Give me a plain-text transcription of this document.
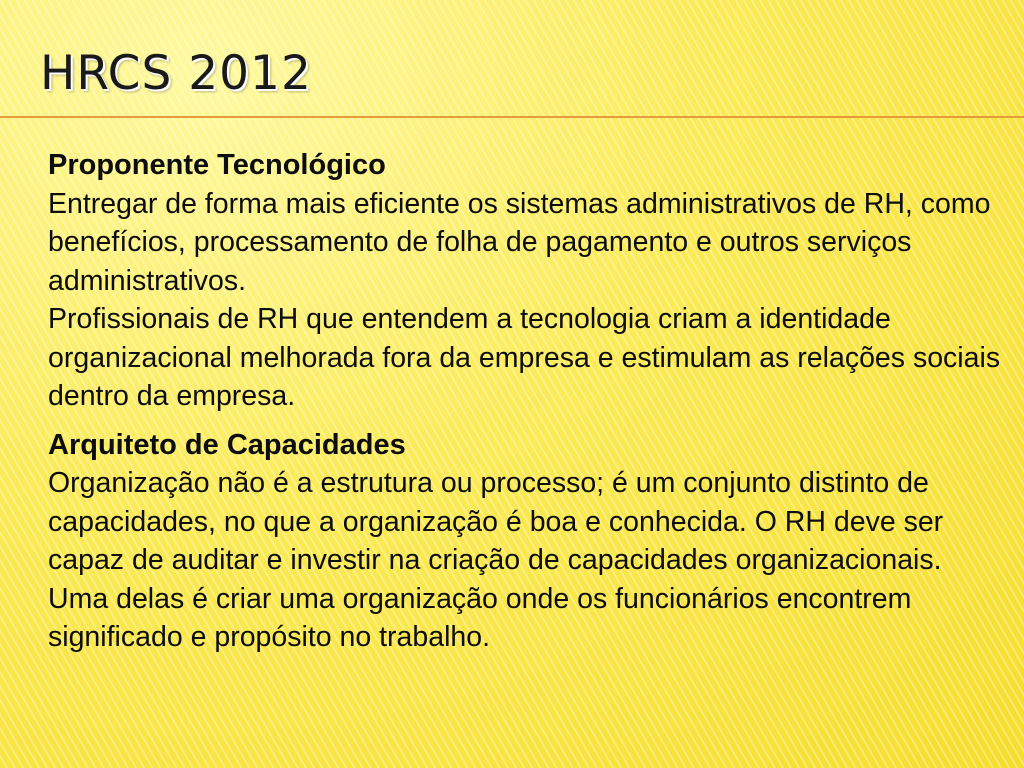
HRCS 2012
Proponente Tecnológico

Entregar de forma mais eficiente os sistemas administrativos de RH, como benefícios, processamento de folha de pagamento e outros serviços administrativos.

Profissionais de RH que entendem a tecnologia criam a identidade organizacional melhorada fora da empresa e estimulam as relações sociais dentro da empresa.

Arquiteto de Capacidades

Organização não é a estrutura ou processo; é um conjunto distinto de capacidades, no que a organização é boa e conhecida. O RH deve ser capaz de auditar e investir na criação de capacidades organizacionais. Uma delas é criar uma organização onde os funcionários encontrem significado e propósito no trabalho.
